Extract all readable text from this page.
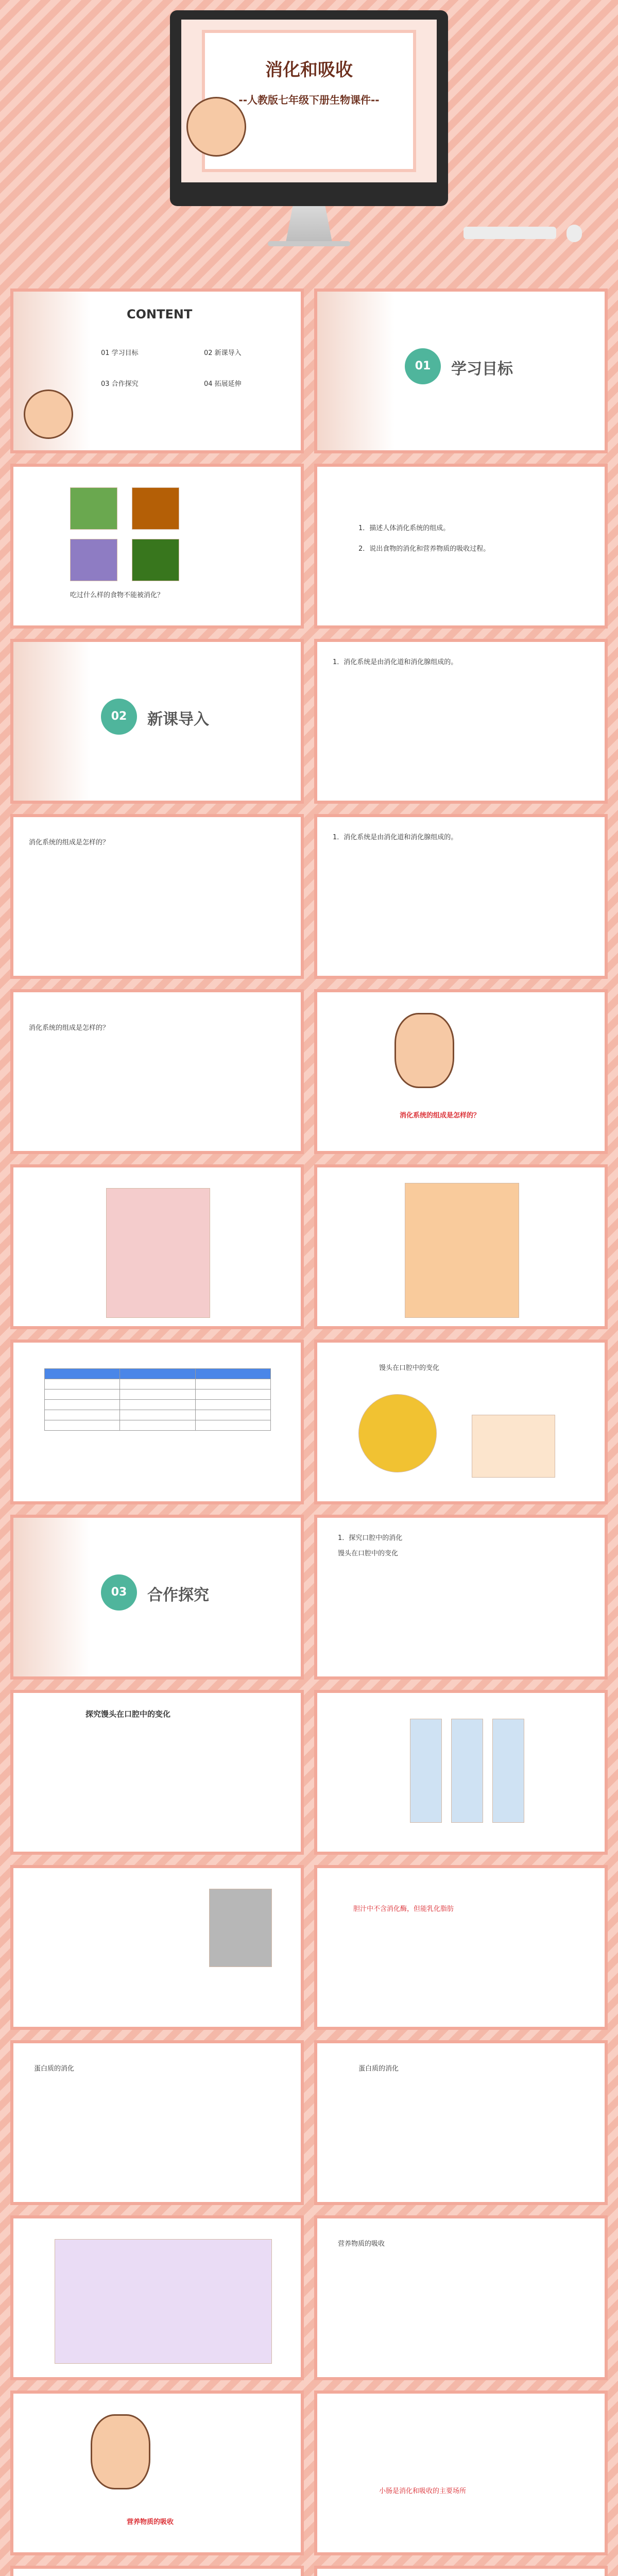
消化和吸收
--人教版七年级下册生物课件--
CONTENT
01 学习目标	02 新课导入
03 合作探究	04 拓展延伸
01	学习目标
吃过什么样的食物不能被消化？
1．描述人体消化系统的组成。
2．说出食物的消化和营养物质的吸收过程。
02	新课导入
1．消化系统是由消化道和消化腺组成的。
消化系统的组成是怎样的？
1．消化系统是由消化道和消化腺组成的。
消化系统的组成是怎样的？
消化系统的组成是怎样的？

馒头在口腔中的变化
03	合作探究
1．探究口腔中的消化
馒头在口腔中的变化
探究馒头在口腔中的变化
胆汁中不含消化酶，但能乳化脂肪
蛋白质的消化	蛋白质的消化
营养物质的吸收
营养物质的吸收
小肠是消化和吸收的主要场所
